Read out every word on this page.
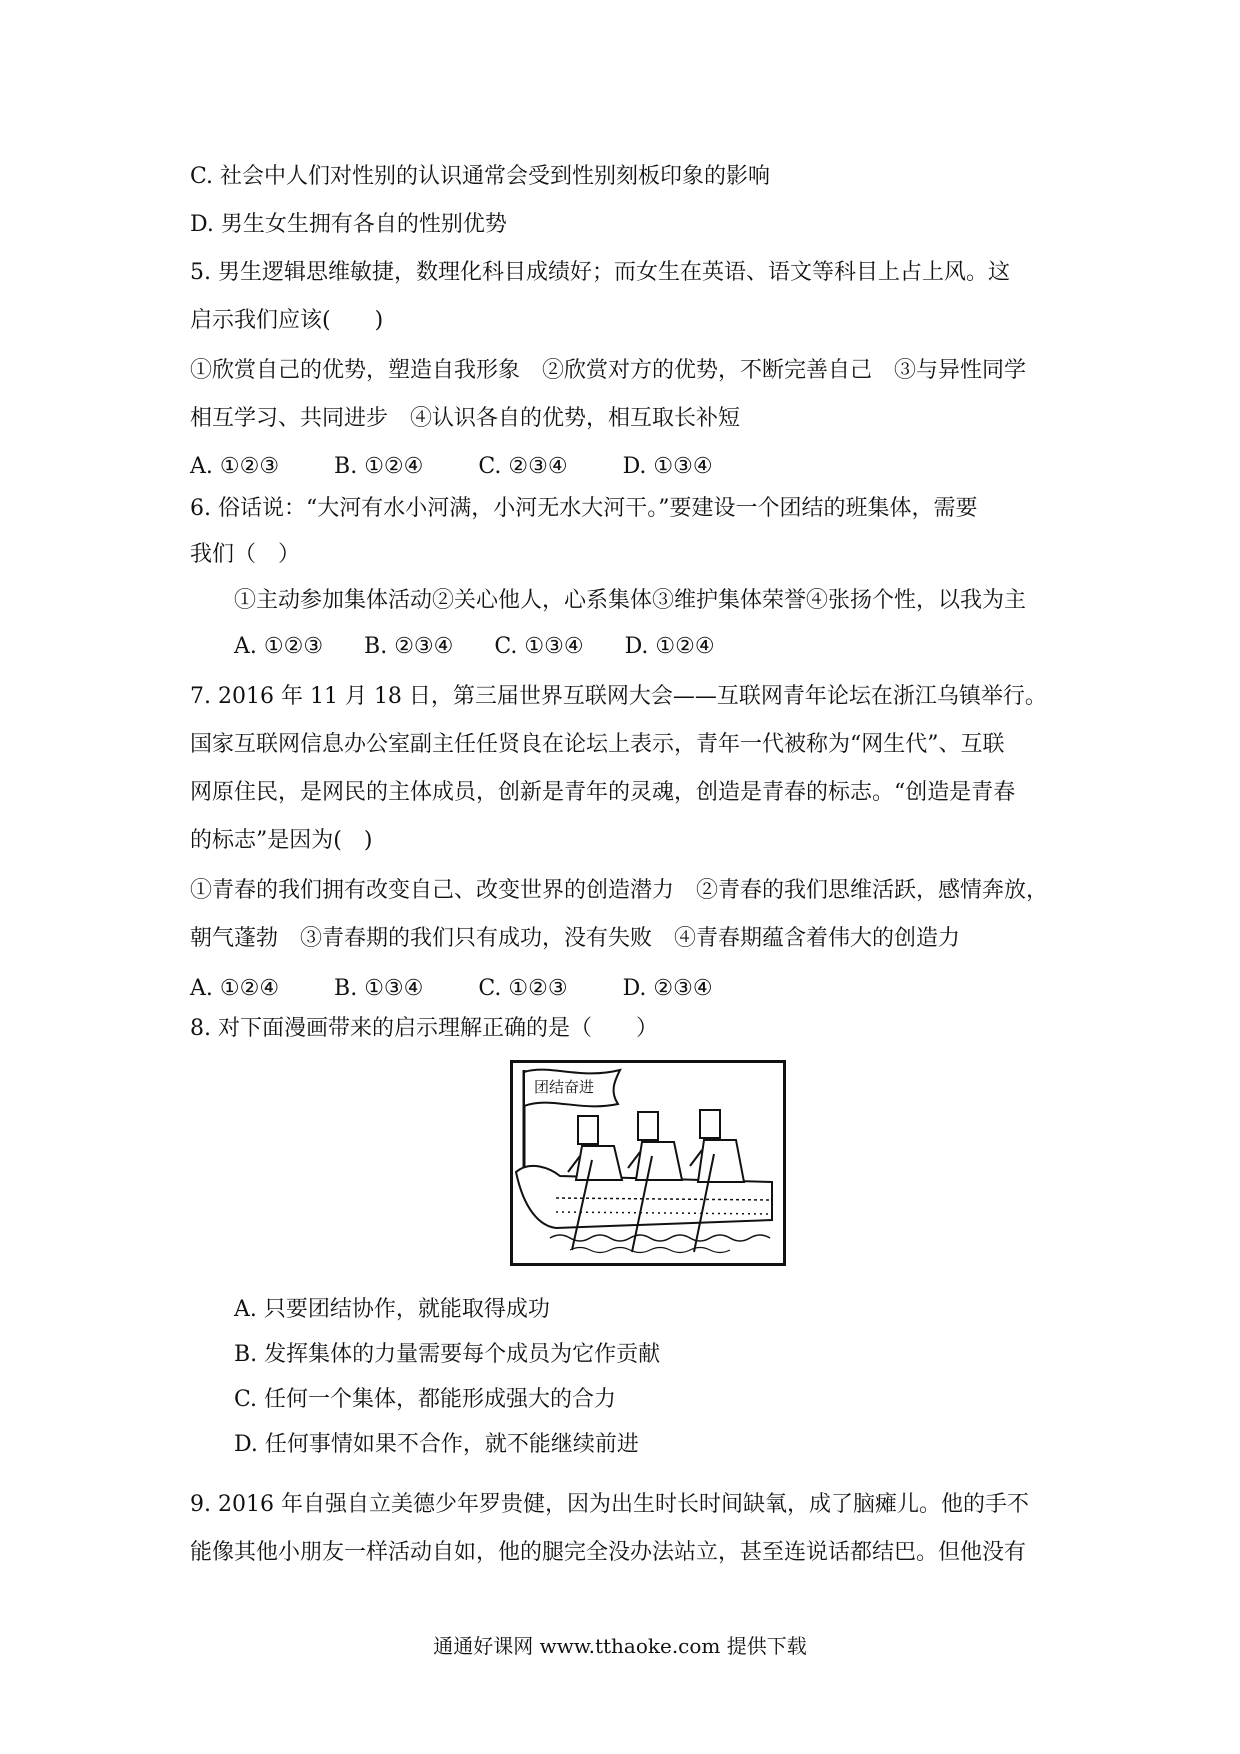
C. 社会中人们对性别的认识通常会受到性别刻板印象的影响
D. 男生女生拥有各自的性别优势
5. 男生逻辑思维敏捷，数理化科目成绩好；而女生在英语、语文等科目上占上风。这
启示我们应该(　　)
①欣赏自己的优势，塑造自我形象　②欣赏对方的优势，不断完善自己　③与异性同学
相互学习、共同进步　④认识各自的优势，相互取长补短
A. ①②③	B. ①②④	C. ②③④	D. ①③④
6. 俗话说：“大河有水小河满，小河无水大河干。”要建设一个团结的班集体，需要
我们（　）
①主动参加集体活动②关心他人，心系集体③维护集体荣誉④张扬个性，以我为主
A. ①②③ B. ②③④ C. ①③④ D. ①②④
7. 2016 年 11 月 18 日，第三届世界互联网大会——互联网青年论坛在浙江乌镇举行。
国家互联网信息办公室副主任任贤良在论坛上表示，青年一代被称为“网生代”、互联
网原住民，是网民的主体成员，创新是青年的灵魂，创造是青春的标志。“创造是青春
的标志”是因为(　)
①青春的我们拥有改变自己、改变世界的创造潜力　②青春的我们思维活跃，感情奔放，
朝气蓬勃　③青春期的我们只有成功，没有失败　④青春期蕴含着伟大的创造力
A. ①②④	B. ①③④	C. ①②③	D. ②③④
8. 对下面漫画带来的启示理解正确的是（　　）
团结奋进
A. 只要团结协作，就能取得成功
B. 发挥集体的力量需要每个成员为它作贡献
C. 任何一个集体，都能形成强大的合力
D. 任何事情如果不合作，就不能继续前进
9. 2016 年自强自立美德少年罗贵健，因为出生时长时间缺氧，成了脑瘫儿。他的手不
能像其他小朋友一样活动自如，他的腿完全没办法站立，甚至连说话都结巴。但他没有
通通好课网 www.tthaoke.com 提供下载
